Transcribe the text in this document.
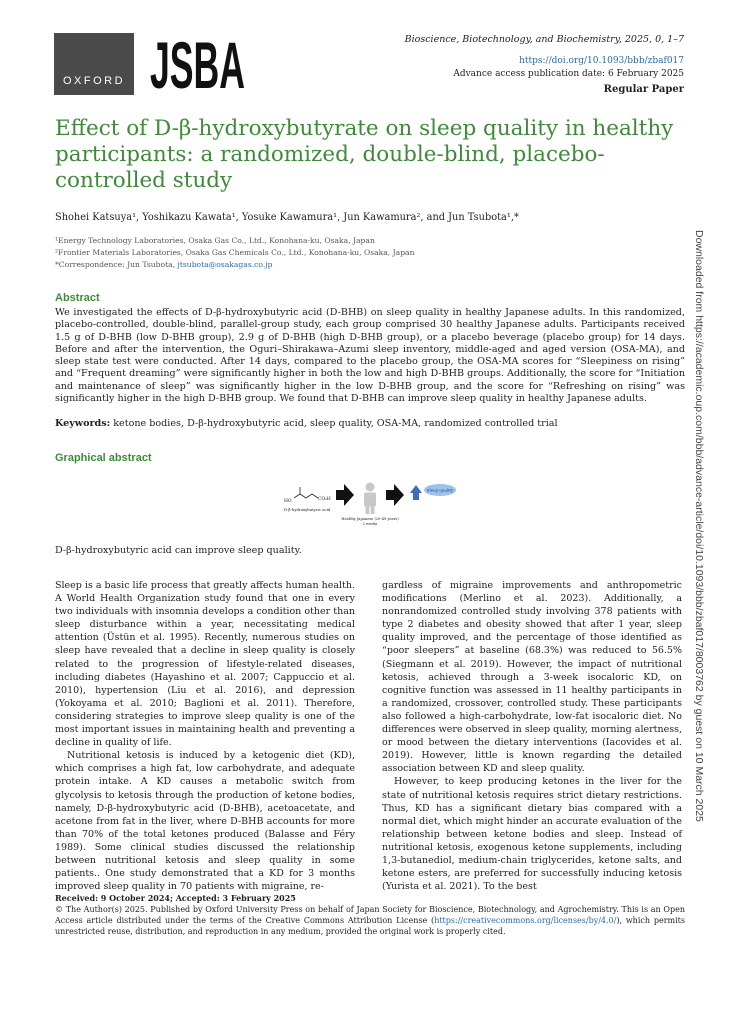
OXFORD JSBA	Bioscience, Biotechnology, and Biochemistry, 2025, 0, 1–7
https://doi.org/10.1093/bbb/zbaf017
Advance access publication date: 6 February 2025
Regular Paper
Effect of D-β-hydroxybutyrate on sleep quality in healthy participants: a randomized, double-blind, placebo-controlled study
Shohei Katsuya¹, Yoshikazu Kawata¹, Yosuke Kawamura¹, Jun Kawamura², and Jun Tsubota¹,*
¹Energy Technology Laboratories, Osaka Gas Co., Ltd., Konohana-ku, Osaka, Japan
²Frontier Materials Laboratories, Osaka Gas Chemicals Co., Ltd., Konohana-ku, Osaka, Japan
*Correspondence: Jun Tsubota, jtsubota@osakagas.co.jp
Abstract

We investigated the effects of D-β-hydroxybutyric acid (D-BHB) on sleep quality in healthy Japanese adults. In this randomized, placebo-controlled, double-blind, parallel-group study, each group comprised 30 healthy Japanese adults. Participants received 1.5 g of D-BHB (low D-BHB group), 2.9 g of D-BHB (high D-BHB group), or a placebo beverage (placebo group) for 14 days. Before and after the intervention, the Oguri–Shirakawa–Azumi sleep inventory, middle-aged and aged version (OSA-MA), and sleep state test were conducted. After 14 days, compared to the placebo group, the OSA-MA scores for “Sleepiness on rising” and “Frequent dreaming” were significantly higher in both the low and high D-BHB groups. Additionally, the score for “Initiation and maintenance of sleep” was significantly higher in the low D-BHB group, and the score for “Refreshing on rising” was significantly higher in the high D-BHB group. We found that D-BHB can improve sleep quality in healthy Japanese adults.

Keywords: ketone bodies, D-β-hydroxybutyric acid, sleep quality, OSA-MA, randomized controlled trial
Graphical abstract
HO	CO₂H
D-β-hydroxybutyric acid
Healthy Japanese (20-49 years)
2 weeks
Sleep quality
D-β-hydroxybutyric acid can improve sleep quality.

Sleep is a basic life process that greatly affects human health. A World Health Organization study found that one in every two individuals with insomnia develops a condition other than sleep disturbance within a year, necessitating medical attention (Üstün et al. 1995). Recently, numerous studies on sleep have revealed that a decline in sleep quality is closely related to the progression of lifestyle-related diseases, including diabetes (Hayashino et al. 2007; Cappuccio et al. 2010), hypertension (Liu et al. 2016), and depression (Yokoyama et al. 2010; Baglioni et al. 2011). Therefore, considering strategies to improve sleep quality is one of the most important issues in maintaining health and preventing a decline in quality of life.

Nutritional ketosis is induced by a ketogenic diet (KD), which comprises a high fat, low carbohydrate, and adequate protein intake. A KD causes a metabolic switch from glycolysis to ketosis through the production of ketone bodies, namely, D-β-hydroxybutyric acid (D-BHB), acetoacetate, and acetone from fat in the liver, where D-BHB accounts for more than 70% of the total ketones produced (Balasse and Féry 1989). Some clinical studies discussed the relationship between nutritional ketosis and sleep quality in some patients.. One study demonstrated that a KD for 3 months improved sleep quality in 70 patients with migraine, re-

gardless of migraine improvements and anthropometric modifications (Merlino et al. 2023). Additionally, a nonrandomized controlled study involving 378 patients with type 2 diabetes and obesity showed that after 1 year, sleep quality improved, and the percentage of those identified as “poor sleepers” at baseline (68.3%) was reduced to 56.5% (Siegmann et al. 2019). However, the impact of nutritional ketosis, achieved through a 3-week isocaloric KD, on cognitive function was assessed in 11 healthy participants in a randomized, crossover, controlled study. These participants also followed a high-carbohydrate, low-fat isocaloric diet. No differences were observed in sleep quality, morning alertness, or mood between the dietary interventions (Iacovides et al. 2019). However, little is known regarding the detailed association between KD and sleep quality.

However, to keep producing ketones in the liver for the state of nutritional ketosis requires strict dietary restrictions. Thus, KD has a significant dietary bias compared with a normal diet, which might hinder an accurate evaluation of the relationship between ketone bodies and sleep. Instead of nutritional ketosis, exogenous ketone supplements, including 1,3-butanediol, medium-chain triglycerides, ketone salts, and ketone esters, are preferred for successfully inducing ketosis (Yurista et al. 2021). To the best

Received: 9 October 2024; Accepted: 3 February 2025
© The Author(s) 2025. Published by Oxford University Press on behalf of Japan Society for Bioscience, Biotechnology, and Agrochemistry. This is an Open Access article distributed under the terms of the Creative Commons Attribution License (https://creativecommons.org/licenses/by/4.0/), which permits unrestricted reuse, distribution, and reproduction in any medium, provided the original work is properly cited.
Downloaded from https://academic.oup.com/bbb/advance-article/doi/10.1093/bbb/zbaf017/8003762 by guest on 10 March 2025
